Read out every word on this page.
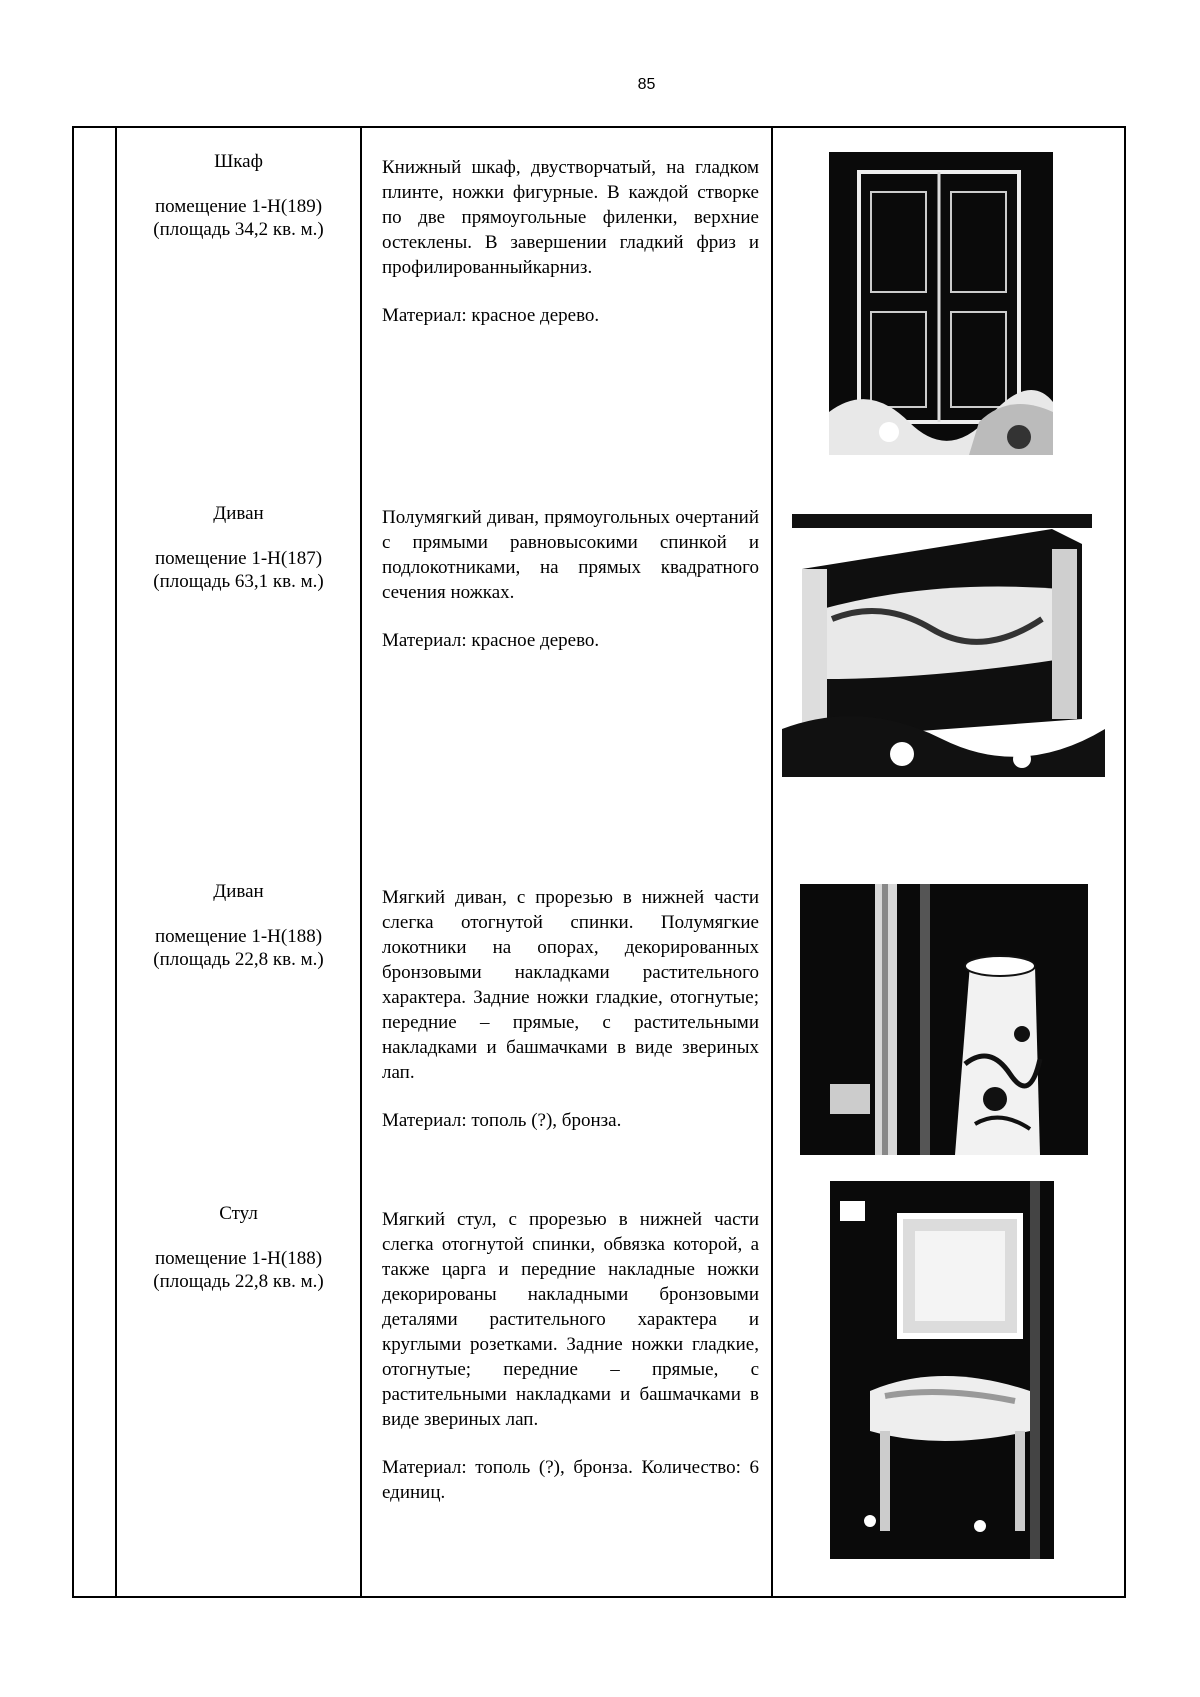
85
Шкаф
помещение 1-Н(189)
(площадь 34,2 кв. м.)

Книжный шкаф, двустворчатый, на гладком плинте, ножки фигурные. В каждой створке по две прямоугольные филенки, верхние остеклены. В завершении гладкий фриз и профилированныйкарниз.

Материал: красное дерево.

Диван
помещение 1-Н(187)
(площадь 63,1 кв. м.)

Полумягкий диван, прямоугольных очертаний с прямыми равновысокими спинкой и подлокотниками, на прямых квадратного сечения ножках.

Материал: красное дерево.

Диван
помещение 1-Н(188)
(площадь 22,8 кв. м.)

Мягкий диван, с прорезью в нижней части слегка отогнутой спинки. Полумягкие локотники на опорах, декорированных бронзовыми накладками растительного характера. Задние ножки гладкие, отогнутые; передние – прямые, с растительными накладками и башмачками в виде звериных лап.

Материал: тополь (?), бронза.

Стул
помещение 1-Н(188)
(площадь 22,8 кв. м.)

Мягкий стул, с прорезью в нижней части слегка отогнутой спинки, обвязка которой, а также царга и передние накладные ножки декорированы накладными бронзовыми деталями растительного характера и круглыми розетками. Задние ножки гладкие, отогнутые; передние – прямые, с растительными накладками и башмачками в виде звериных лап.

Материал: тополь (?), бронза. Количество: 6 единиц.
